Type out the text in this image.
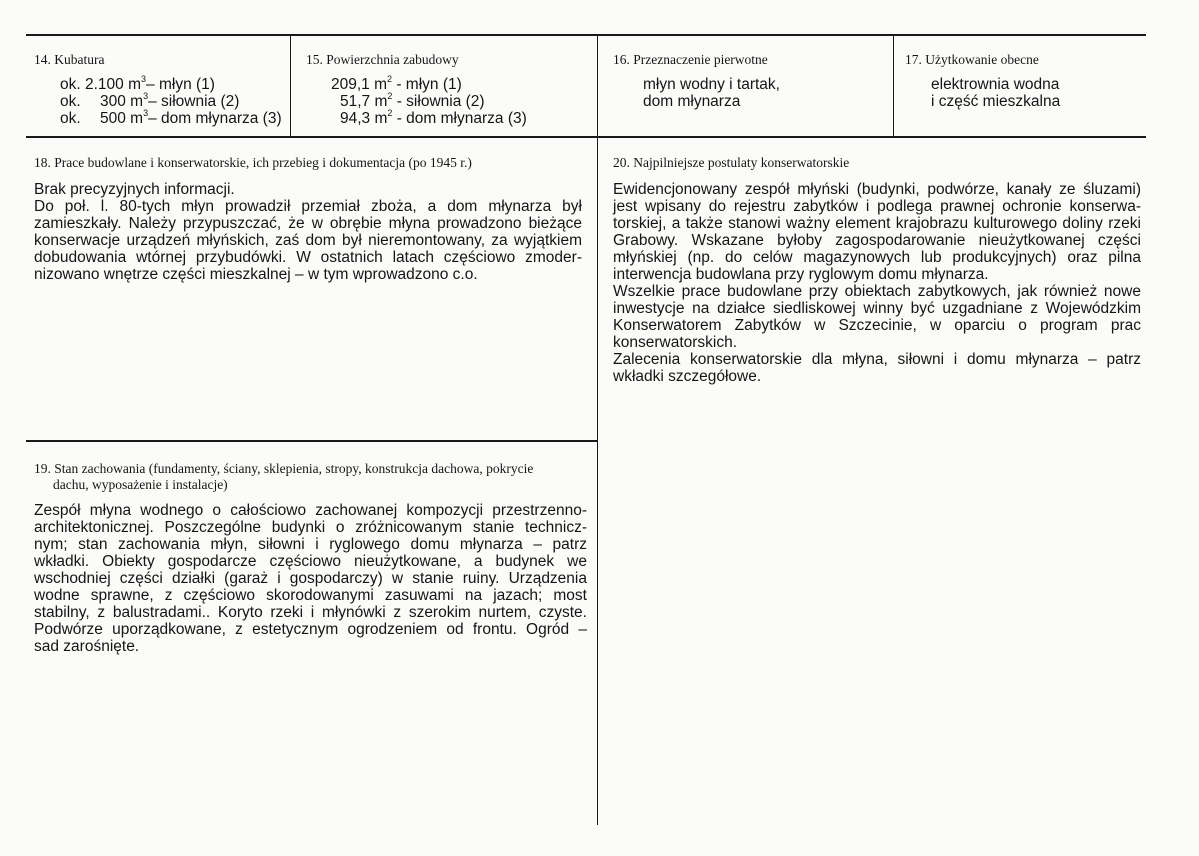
14. Kubatura
ok. 2.100 $m^3-$ młyn (1)
ok. 300 $m^3-$ siłownia (2)
ok. 500 $m^3-$ dom młynarza (3)
15. Powierzchnia zabudowy
209,1 $m^2$ - młyn (1)
51,7 $m^2$ - siłownia (2)
94,3 $m^2$ - dom młynarza (3)
16. Przeznaczenie pierwotne
młyn wodny i tartak,
dom młynarza
17. Użytkowanie obecne
elektrownia wodna
i część mieszkalna
18. Prace budowlane i konserwatorskie, ich przebieg i dokumentacja (po 1945 r.)
Brak precyzyjnych informacji.
Do poł. l. 80-tych młyn prowadził przemiał zboża, a dom młynarza był
zamieszkały. Należy przypuszczać, że w obrębie młyna prowadzono bieżące
konserwacje urządzeń młyńskich, zaś dom był nieremontowany, za wyjątkiem
dobudowania wtórnej przybudówki. W ostatnich latach częściowo zmoder-
nizowano wnętrze części mieszkalnej – w tym wprowadzono c.o.
19. Stan zachowania (fundamenty, ściany, sklepienia, stropy, konstrukcja dachowa, pokrycie
dachu, wyposażenie i instalacje)
Zespół młyna wodnego o całościowo zachowanej kompozycji przestrzenno-
architektonicznej. Poszczególne budynki o zróżnicowanym stanie technicz-
nym; stan zachowania młyn, siłowni i ryglowego domu młynarza – patrz
wkładki. Obiekty gospodarcze częściowo nieużytkowane, a budynek we
wschodniej części działki (garaż i gospodarczy) w stanie ruiny. Urządzenia
wodne sprawne, z częściowo skorodowanymi zasuwami na jazach; most
stabilny, z balustradami.. Koryto rzeki i młynówki z szerokim nurtem, czyste.
Podwórze uporządkowane, z estetycznym ogrodzeniem od frontu. Ogród –
sad zarośnięte.
20. Najpilniejsze postulaty konserwatorskie
Ewidencjonowany zespół młyński (budynki, podwórze, kanały ze śluzami)
jest wpisany do rejestru zabytków i podlega prawnej ochronie konserwa-
torskiej, a także stanowi ważny element krajobrazu kulturowego doliny rzeki
Grabowy. Wskazane byłoby zagospodarowanie nieużytkowanej części
młyńskiej (np. do celów magazynowych lub produkcyjnych) oraz pilna
interwencja budowlana przy ryglowym domu młynarza.
Wszelkie prace budowlane przy obiektach zabytkowych, jak również nowe
inwestycje na działce siedliskowej winny być uzgadniane z Wojewódzkim
Konserwatorem Zabytków w Szczecinie, w oparciu o program prac
konserwatorskich.
Zalecenia konserwatorskie dla młyna, siłowni i domu młynarza – patrz
wkładki szczegółowe.
